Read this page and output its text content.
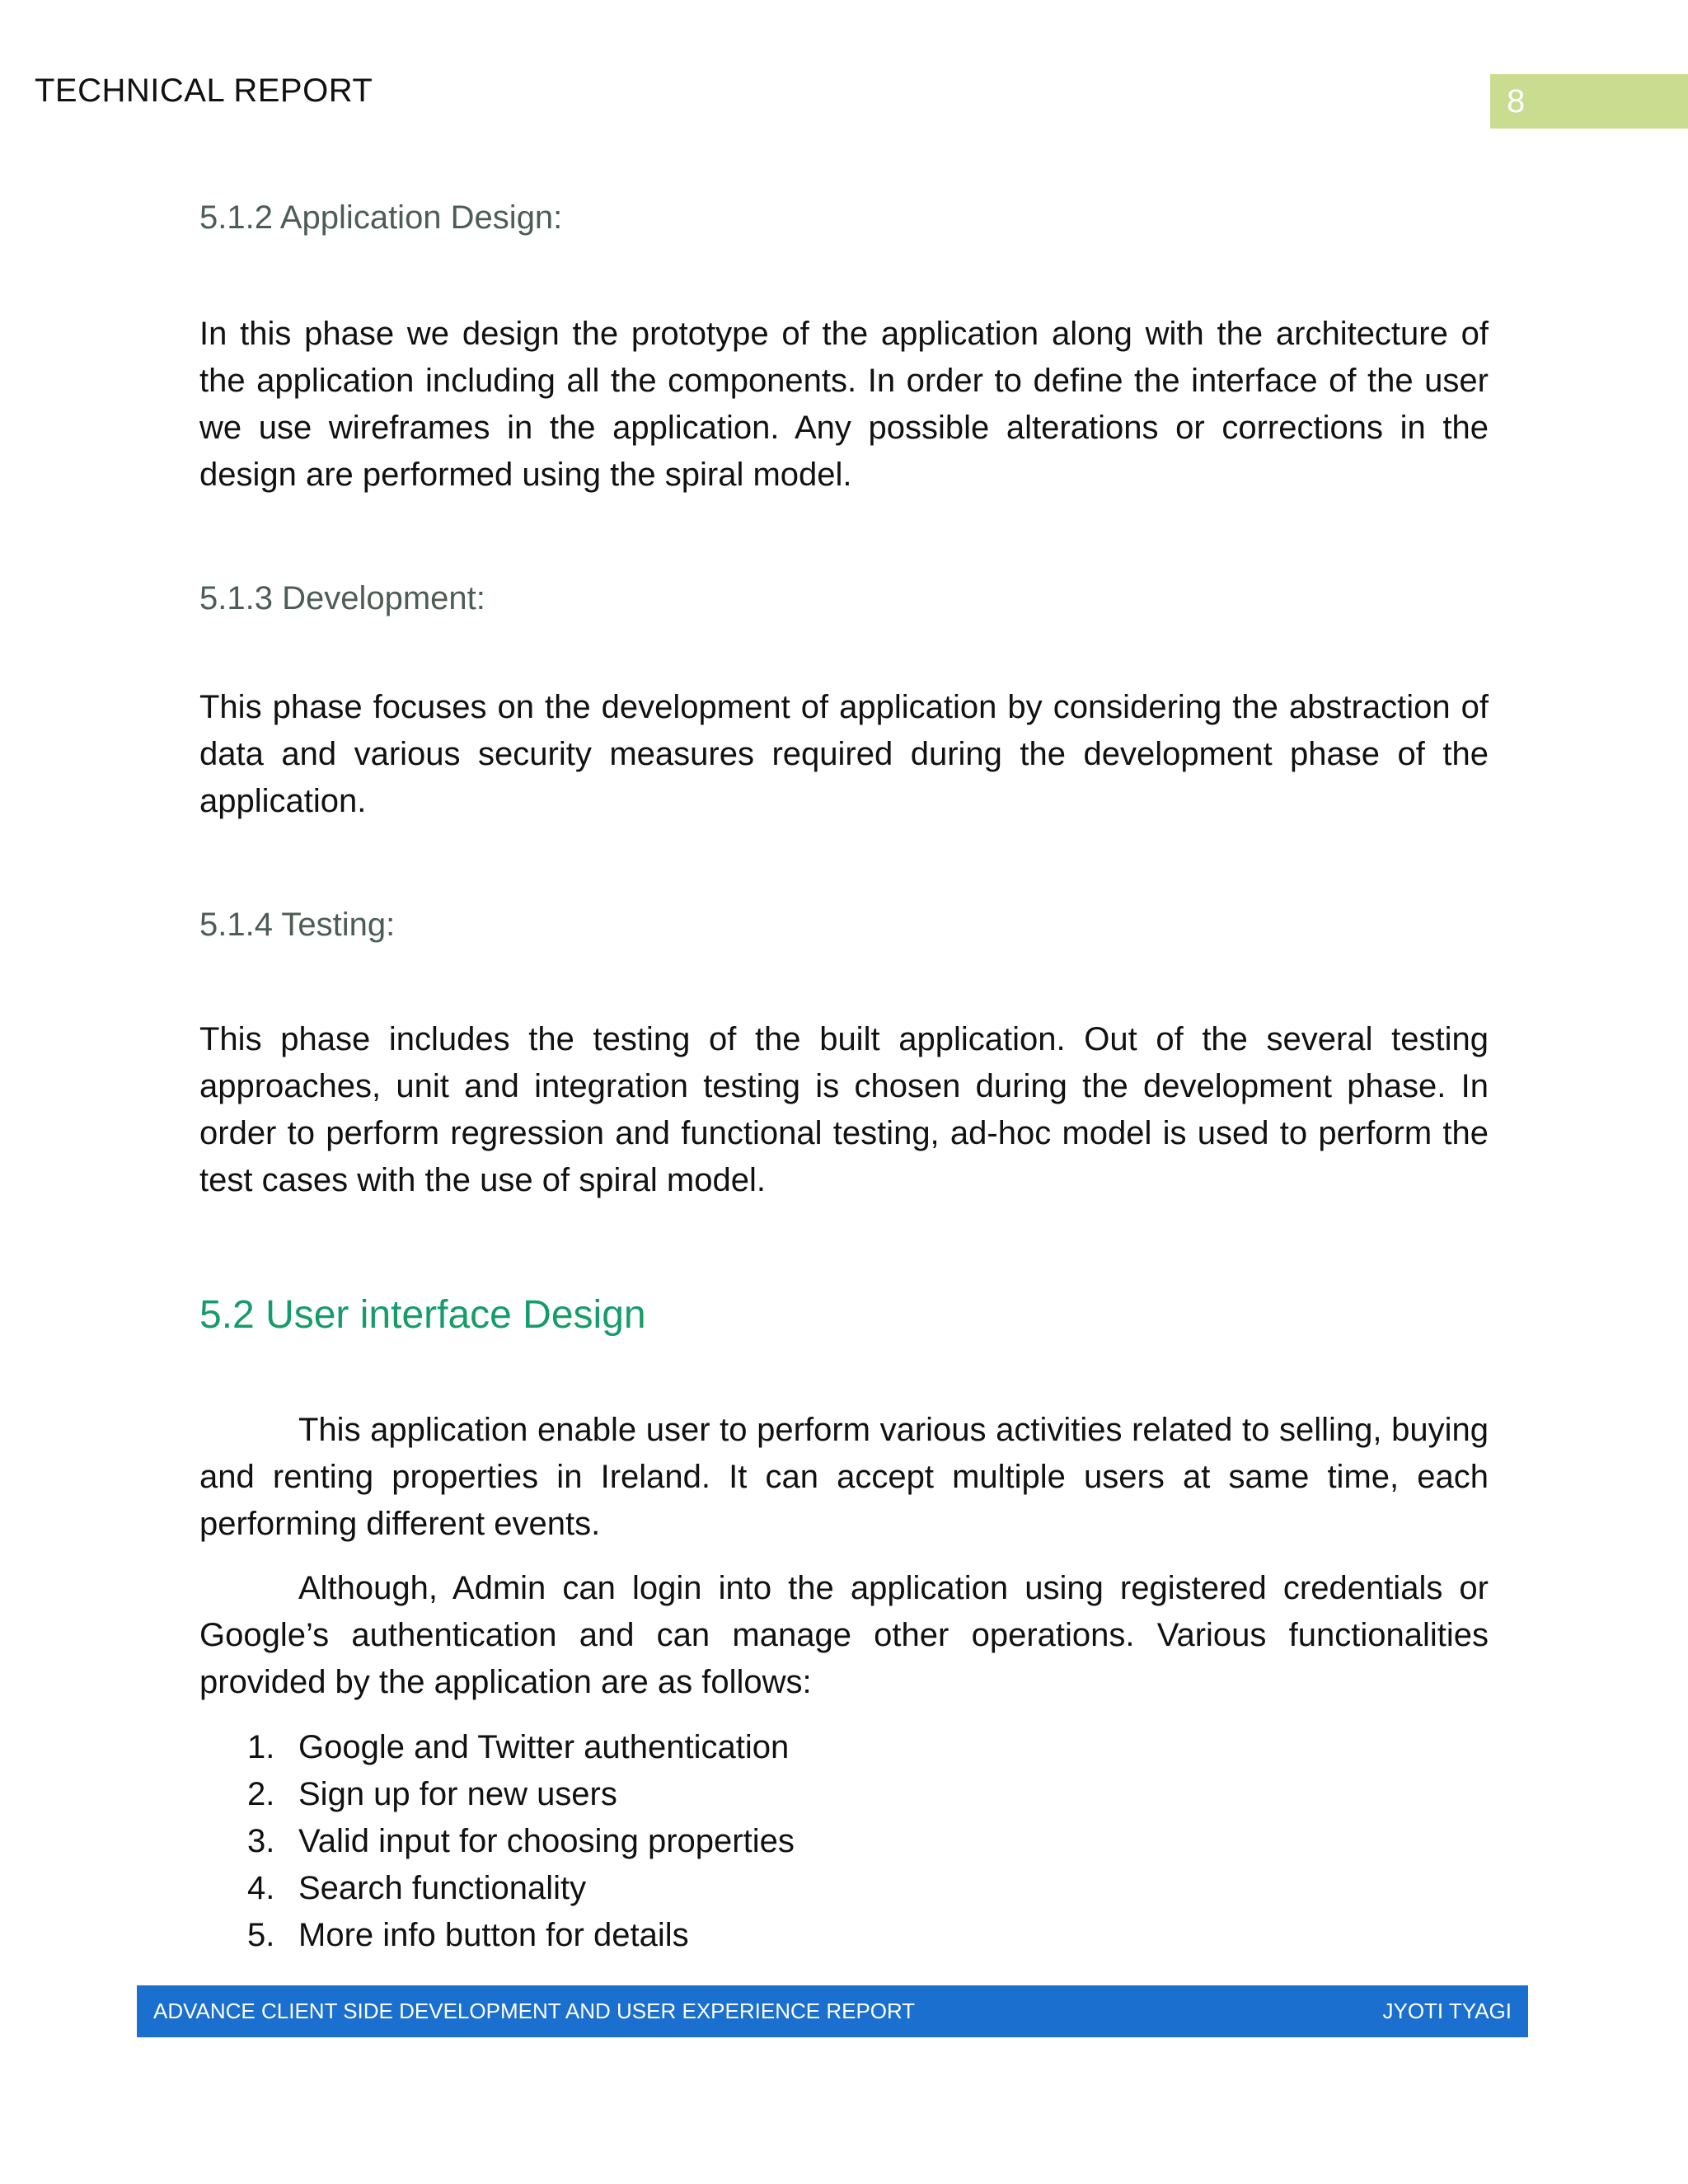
TECHNICAL REPORT	8
5.1.2 Application Design:

In this phase we design the prototype of the application along with the architecture of the application including all the components. In order to define the interface of the user we use wireframes in the application. Any possible alterations or corrections in the design are performed using the spiral model.

5.1.3 Development:

This phase focuses on the development of application by considering the abstraction of data and various security measures required during the development phase of the application.

5.1.4 Testing:

This phase includes the testing of the built application. Out of the several testing approaches, unit and integration testing is chosen during the development phase. In order to perform regression and functional testing, ad-hoc model is used to perform the test cases with the use of spiral model.

5.2 User interface Design

This application enable user to perform various activities related to selling, buying and renting properties in Ireland. It can accept multiple users at same time, each performing different events.

Although, Admin can login into the application using registered credentials or Google’s authentication and can manage other operations. Various functionalities provided by the application are as follows:

1. Google and Twitter authentication
2. Sign up for new users
3. Valid input for choosing properties
4. Search functionality
5. More info button for details
ADVANCE CLIENT SIDE DEVELOPMENT AND USER EXPERIENCE REPORT	JYOTI TYAGI
